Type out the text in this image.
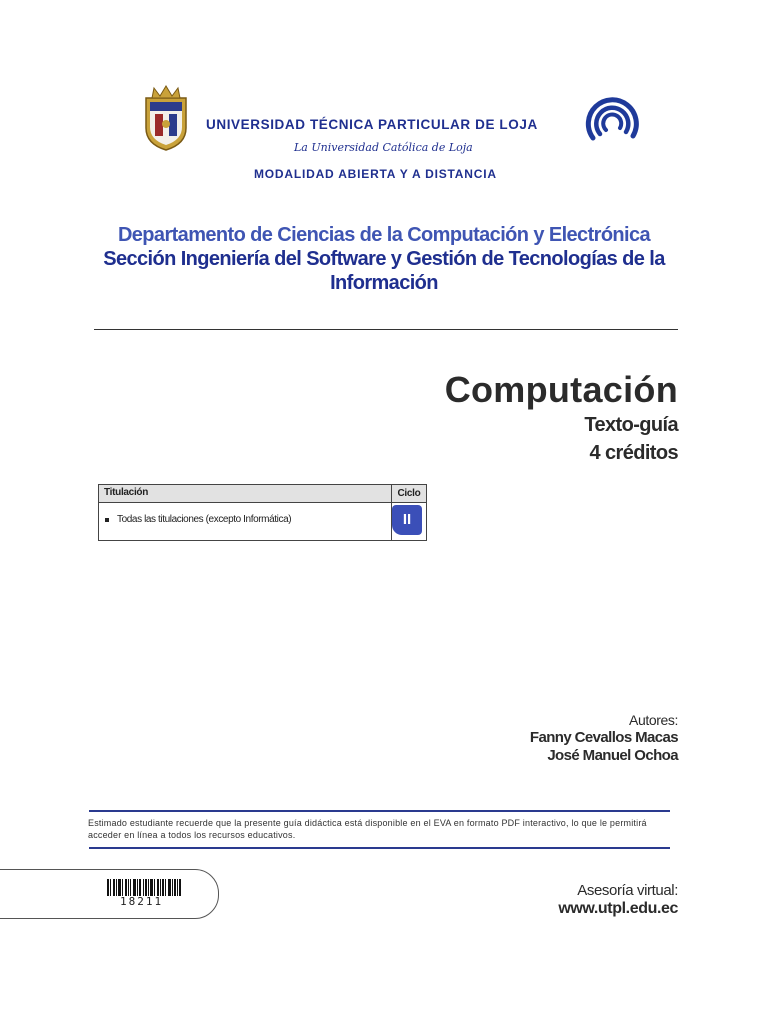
UNIVERSIDAD TÉCNICA PARTICULAR DE LOJA
La Universidad Católica de Loja
MODALIDAD ABIERTA Y A DISTANCIA
Departamento de Ciencias de la Computación y Electrónica
Sección Ingeniería del Software y Gestión de Tecnologías de la
Información
Computación
Texto-guía
4 créditos
Titulación	Ciclo
Todas las titulaciones (excepto Informática)	II
Autores:
Fanny Cevallos Macas
José Manuel Ochoa
Estimado estudiante recuerde que la presente guía didáctica está disponible en el EVA en formato PDF interactivo, lo que le permitirá acceder en línea a todos los recursos educativos.
18211
Asesoría virtual:
www.utpl.edu.ec
